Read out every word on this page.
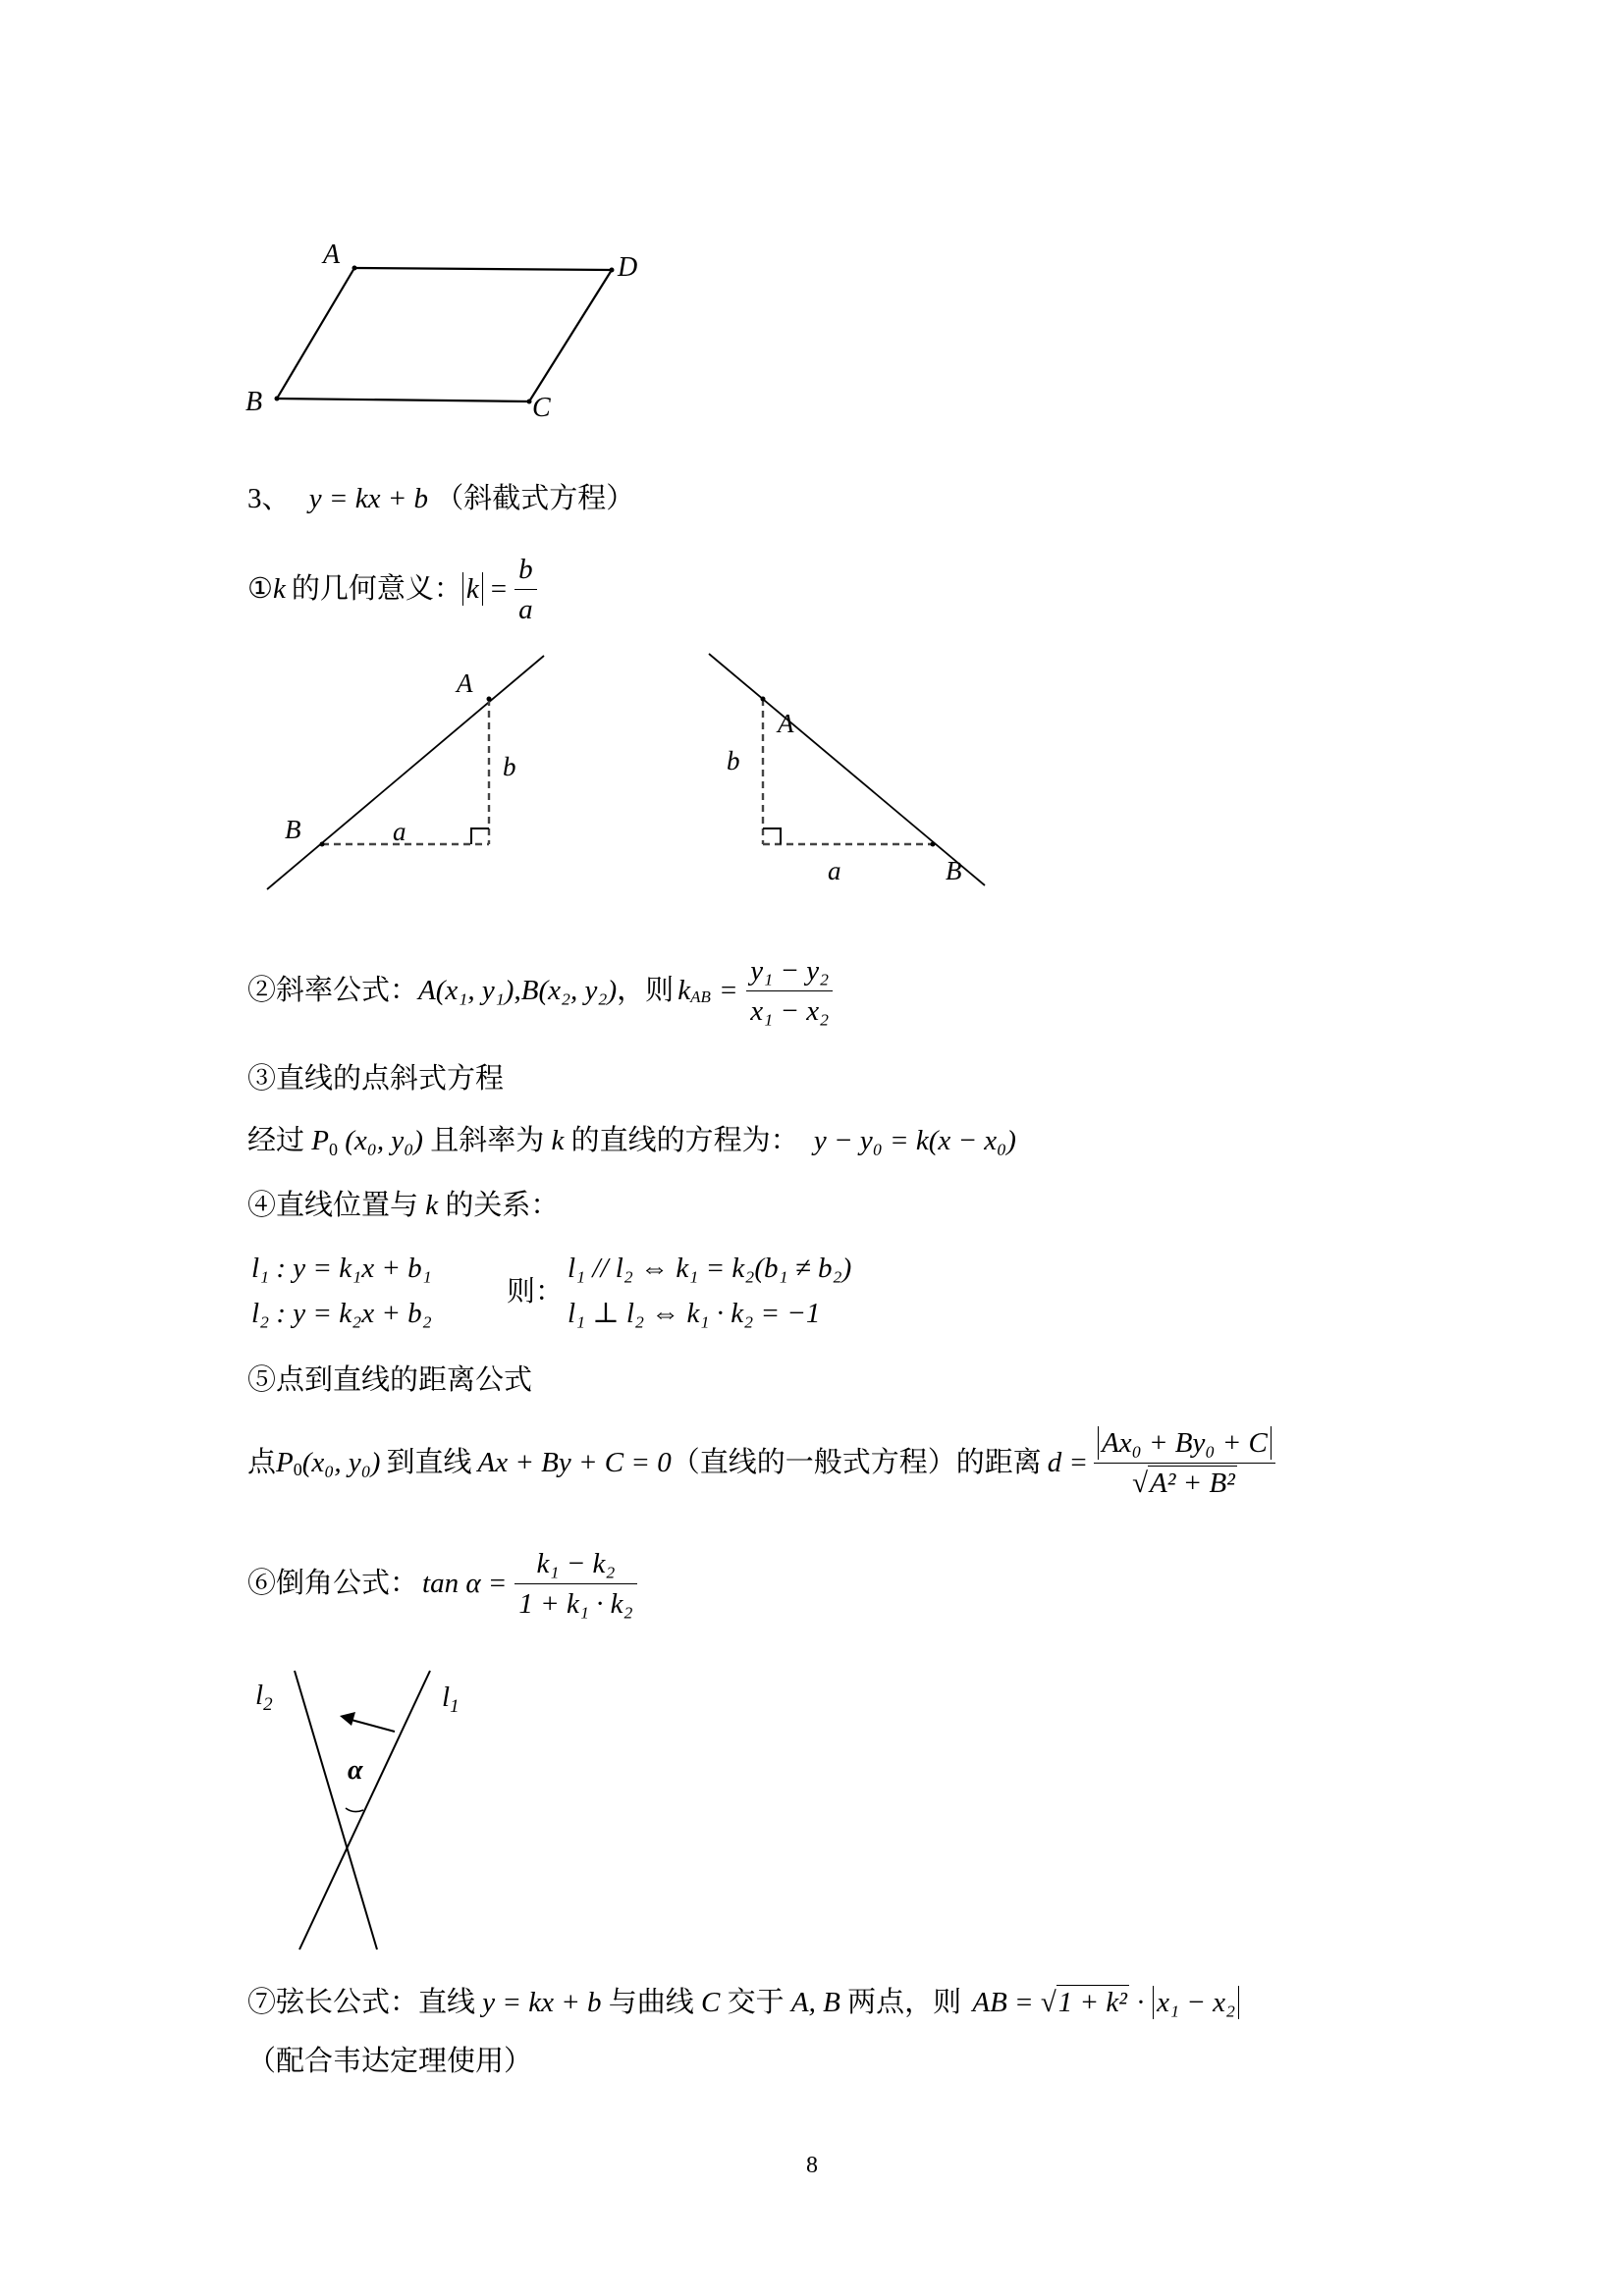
A	D
B	C
3、 y = kx + b （斜截式方程）
① k 的几何意义： $k = \frac{b}{a}$
A
B
b
a
A
B
b
a
②斜率公式： A (x₁, y₁) , B (x₂, y₂) ，则 k AB = $\frac{\text{y₁ − y₂}}{\text{x₁ − x₂}}$
③直线的点斜式方程
经过 $P_0$ (x₀, y₀) 且斜率为 k 的直线的方程为： y − y₀ = k(x − x₀)
④直线位置与 k 的关系：
l₁ : y = k₁x + b₁
l₂ : y = k₂x + b₂
则：
l₁ // l₂ ⇔ k₁ = k₂(b₁ ≠ b₂)
l₁ ⊥ l₂ ⇔ k₁ · k₂ = −1
⑤点到直线的距离公式
点 P 0 (x₀, y₀) 到直线 Ax + By + C = 0 （直线的一般式方程）的距离 $d = \frac{\text{Ax₀ + By₀ + C}}{\text{√A² + B²}}$
⑥倒角公式： $\tan \alpha = \frac{\text{k₁ − k₂}}{\text{1 + k₁ · k₂}}$
$l_2$	$l_1$
α
⑦弦长公式：直线 y = kx + b 与曲线 C 交于 A, B 两点，则 AB = √1 + k² · x₁ − x₂
（配合韦达定理使用）
8
